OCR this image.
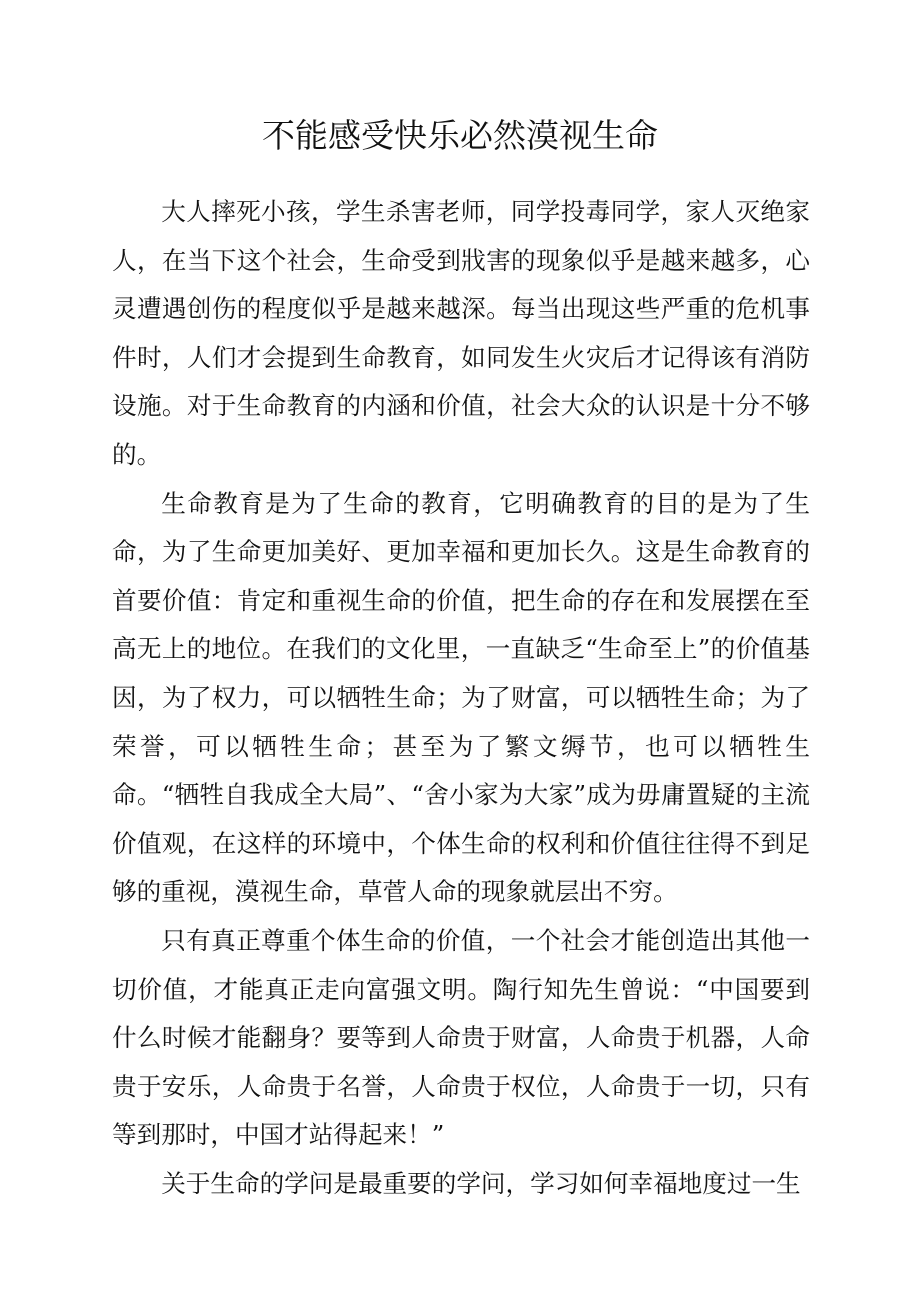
不能感受快乐必然漠视生命

大人摔死小孩，学生杀害老师，同学投毒同学，家人灭绝家人，在当下这个社会，生命受到戕害的现象似乎是越来越多，心灵遭遇创伤的程度似乎是越来越深。每当出现这些严重的危机事件时，人们才会提到生命教育，如同发生火灾后才记得该有消防设施。对于生命教育的内涵和价值，社会大众的认识是十分不够的。

生命教育是为了生命的教育，它明确教育的目的是为了生命，为了生命更加美好、更加幸福和更加长久。这是生命教育的首要价值：肯定和重视生命的价值，把生命的存在和发展摆在至高无上的地位。在我们的文化里，一直缺乏“生命至上”的价值基因，为了权力，可以牺牲生命；为了财富，可以牺牲生命；为了荣誉，可以牺牲生命；甚至为了繁文缛节，也可以牺牲生命。“牺牲自我成全大局”、“舍小家为大家”成为毋庸置疑的主流价值观，在这样的环境中，个体生命的权利和价值往往得不到足够的重视，漠视生命，草菅人命的现象就层出不穷。

只有真正尊重个体生命的价值，一个社会才能创造出其他一切价值，才能真正走向富强文明。陶行知先生曾说：“中国要到什么时候才能翻身？要等到人命贵于财富，人命贵于机器，人命贵于安乐，人命贵于名誉，人命贵于权位，人命贵于一切，只有等到那时，中国才站得起来！”

关于生命的学问是最重要的学问，学习如何幸福地度过一生
